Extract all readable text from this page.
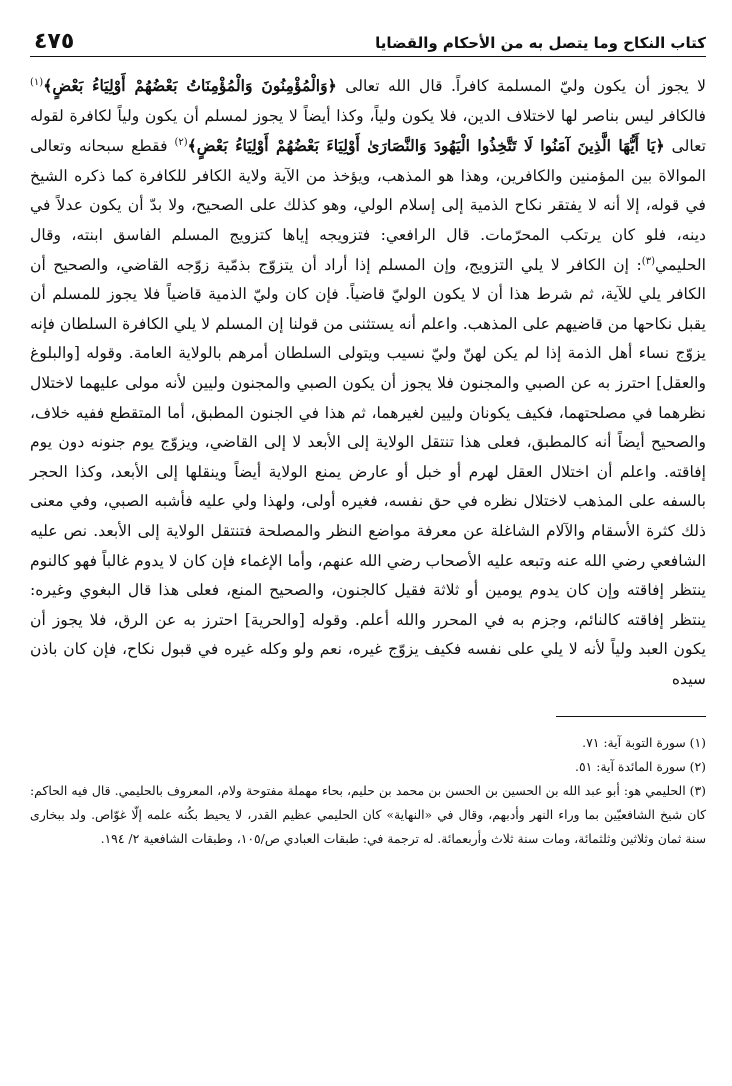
كتاب النكاح وما يتصل به من الأحكام والقضايا
٤٧٥

لا يجوز أن يكون وليّ المسلمة كافراً. قال الله تعالى ﴿وَالْمُؤْمِنُونَ وَالْمُؤْمِنَاتُ بَعْضُهُمْ أَوْلِيَاءُ بَعْضٍ﴾$^{(١)}$ فالكافر ليس بناصر لها لاختلاف الدين، فلا يكون ولياً، وكذا أيضاً لا يجوز لمسلم أن يكون ولياً لكافرة لقوله تعالى ﴿يَا أَيُّهَا الَّذِينَ آمَنُوا لَا تَتَّخِذُوا الْيَهُودَ وَالنَّصَارَىٰ أَوْلِيَاءَ بَعْضُهُمْ أَوْلِيَاءُ بَعْضٍ﴾$^{(٢)}$ فقطع سبحانه وتعالى الموالاة بين المؤمنين والكافرين، وهذا هو المذهب، ويؤخذ من الآية ولاية الكافر للكافرة كما ذكره الشيخ في قوله، إلا أنه لا يفتقر نكاح الذمية إلى إسلام الولي، وهو كذلك على الصحيح، ولا بدّ أن يكون عدلاً في دينه، فلو كان يرتكب المحرّمات. قال الرافعي: فتزويجه إياها كتزويج المسلم الفاسق ابنته، وقال الحليمي$^{(٣)}$: إن الكافر لا يلي التزويج، وإن المسلم إذا أراد أن يتزوّج بذمّية زوّجه القاضي، والصحيح أن الكافر يلي للآية، ثم شرط هذا أن لا يكون الوليّ قاضياً. فإن كان وليّ الذمية قاضياً فلا يجوز للمسلم أن يقبل نكاحها من قاضيهم على المذهب. واعلم أنه يستثنى من قولنا إن المسلم لا يلي الكافرة السلطان فإنه يزوّج نساء أهل الذمة إذا لم يكن لهنّ وليّ نسيب ويتولى السلطان أمرهم بالولاية العامة. وقوله [والبلوغ والعقل] احترز به عن الصبي والمجنون فلا يجوز أن يكون الصبي والمجنون وليين لأنه مولى عليهما لاختلال نظرهما في مصلحتهما، فكيف يكونان وليين لغيرهما، ثم هذا في الجنون المطبق، أما المتقطع ففيه خلاف، والصحيح أيضاً أنه كالمطبق، فعلى هذا تنتقل الولاية إلى الأبعد لا إلى القاضي، ويزوّج يوم جنونه دون يوم إفاقته. واعلم أن اختلال العقل لهرم أو خبل أو عارض يمنع الولاية أيضاً وينقلها إلى الأبعد، وكذا الحجر بالسفه على المذهب لاختلال نظره في حق نفسه، فغيره أولى، ولهذا ولي عليه فأشبه الصبي، وفي معنى ذلك كثرة الأسقام والآلام الشاغلة عن معرفة مواضع النظر والمصلحة فتنتقل الولاية إلى الأبعد. نص عليه الشافعي رضي الله عنه وتبعه عليه الأصحاب رضي الله عنهم، وأما الإغماء فإن كان لا يدوم غالباً فهو كالنوم ينتظر إفاقته وإن كان يدوم يومين أو ثلاثة فقيل كالجنون، والصحيح المنع، فعلى هذا قال البغوي وغيره: ينتظر إفاقته كالنائم، وجزم به في المحرر والله أعلم. وقوله [والحرية] احترز به عن الرق، فلا يجوز أن يكون العبد ولياً لأنه لا يلي على نفسه فكيف يزوّج غيره، نعم ولو وكله غيره في قبول نكاح، فإن كان باذن سيده

(١)سورة التوبة آية: ٧١.

(٢)سورة المائدة آية: ٥١.

(٣)الحليمي هو: أبو عبد الله بن الحسين بن الحسن بن محمد بن حليم، بحاء مهملة مفتوحة ولام، المعروف بالحليمي. قال فيه الحاكم: كان شيخ الشافعيّين بما وراء النهر وأدبهم، وقال في «النهاية» كان الحليمي عظيم القدر، لا يحيط بكُنه علمه إلّا غوّاص. ولد ببخارى سنة ثمان وثلاثين وثلثمائة، ومات سنة ثلاث وأربعمائة. له ترجمة في: طبقات العبادي ص/١٠٥، وطبقات الشافعية ٢/ ١٩٤.
